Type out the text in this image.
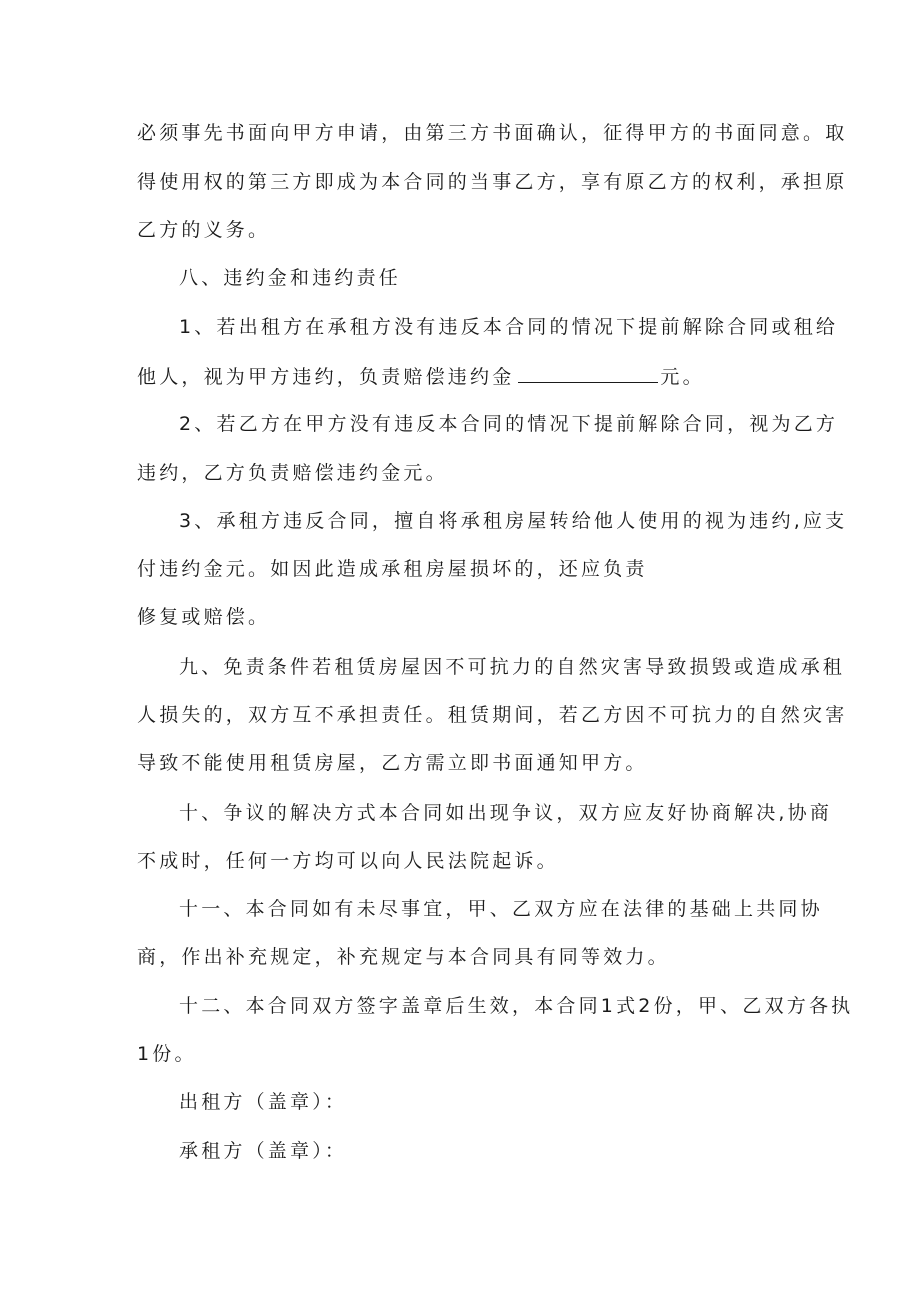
必须事先书面向甲方申请，由第三方书面确认，征得甲方的书面同意。取
得使用权的第三方即成为本合同的当事乙方，享有原乙方的权利，承担原
乙方的义务。
八、违约金和违约责任
1、若出租方在承租方没有违反本合同的情况下提前解除合同或租给
他人，视为甲方违约，负责赔偿违约金	元。
2、若乙方在甲方没有违反本合同的情况下提前解除合同，视为乙方
违约，乙方负责赔偿违约金元。
3、承租方违反合同，擅自将承租房屋转给他人使用的视为违约,应支
付违约金元。如因此造成承租房屋损坏的，还应负责
修复或赔偿。
九、免责条件若租赁房屋因不可抗力的自然灾害导致损毁或造成承租
人损失的，双方互不承担责任。租赁期间，若乙方因不可抗力的自然灾害
导致不能使用租赁房屋，乙方需立即书面通知甲方。
十、争议的解决方式本合同如出现争议，双方应友好协商解决,协商
不成时，任何一方均可以向人民法院起诉。
十一、本合同如有未尽事宜，甲、乙双方应在法律的基础上共同协
商，作出补充规定，补充规定与本合同具有同等效力。
十二、本合同双方签字盖章后生效，本合同1式2份，甲、乙双方各执
1份。
出租方（盖章）：
承租方（盖章）：
